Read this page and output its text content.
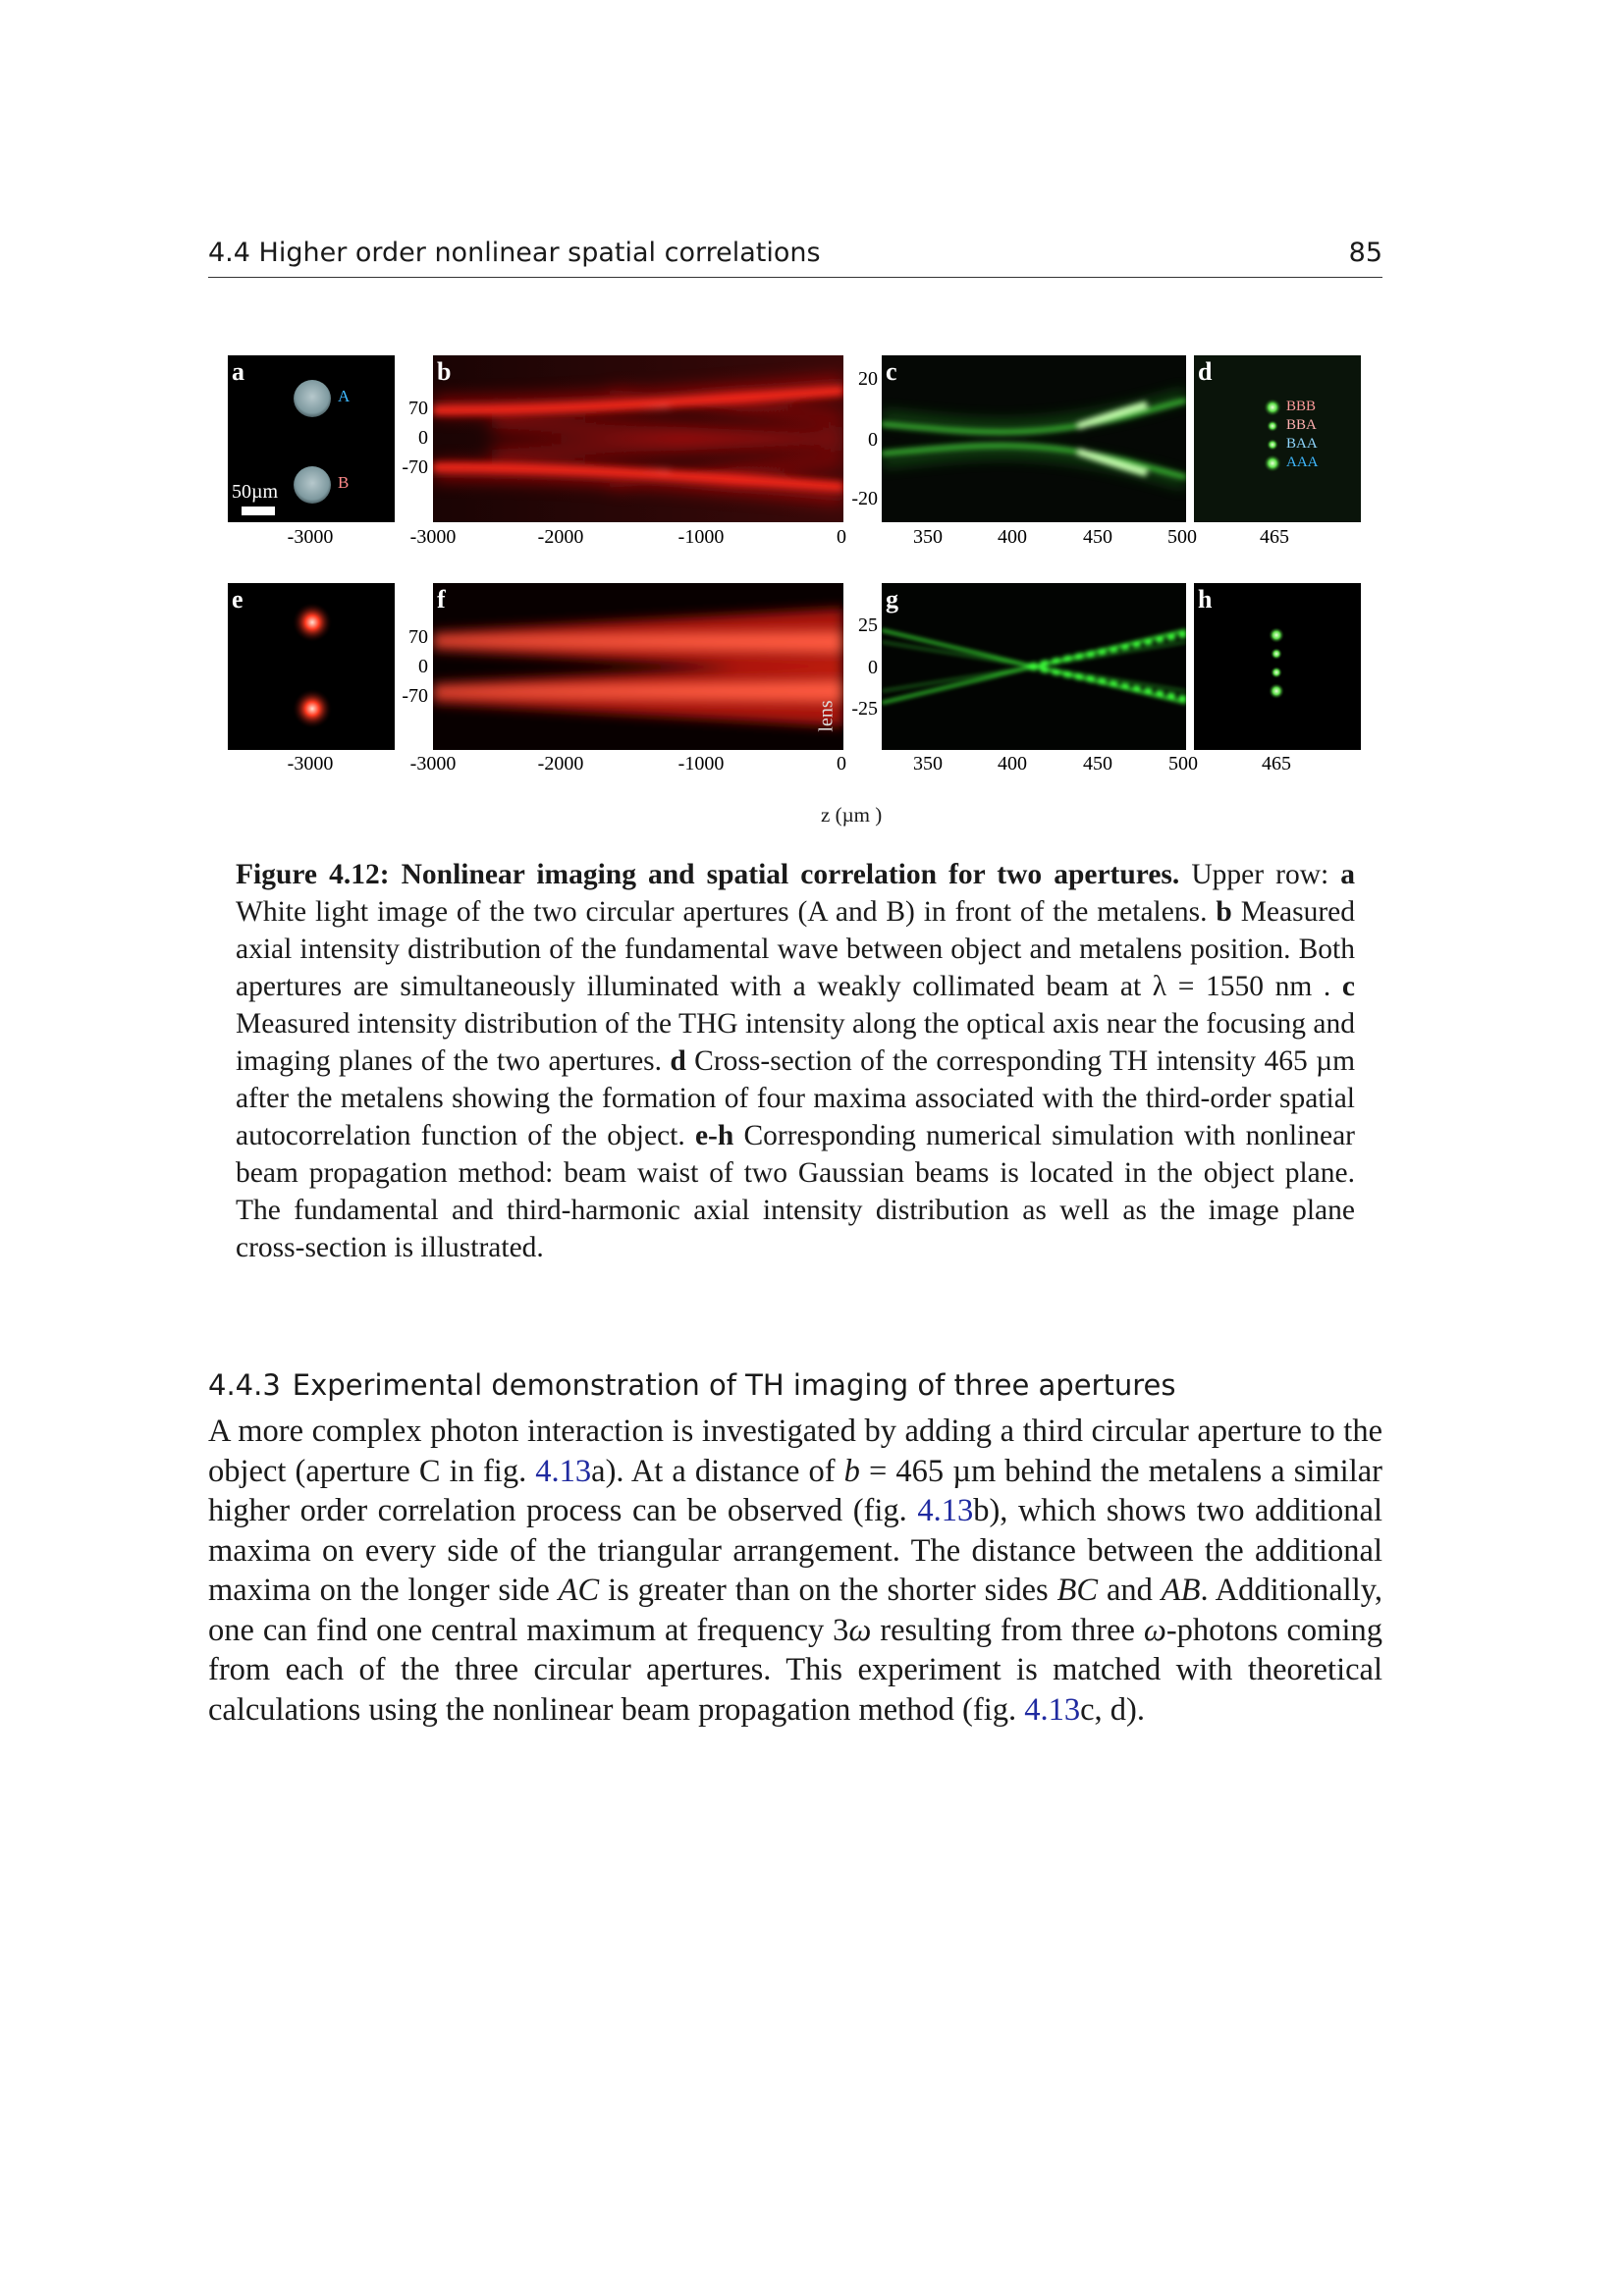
4.4 Higher order nonlinear spatial correlations	85
a
A
B
50µm
b	c	d
BBB
BBA
BAA
AAA
70
0
-70
20
0
-20
-3000	-3000	-2000	-1000	0	350	400	450	500	465
e	f
lens
g	h
70
0
-70
25
0
-25
-3000	-3000	-2000	-1000	0	350	400	450	500	465
z (µm )
Figure 4.12: Nonlinear imaging and spatial correlation for two apertures. Upper row: a White light image of the two circular apertures (A and B) in front of the metalens. b Measured axial intensity distribution of the fundamental wave between object and metalens position. Both apertures are simultaneously illuminated with a weakly collimated beam at λ = 1550 nm . c Measured intensity distribution of the THG intensity along the optical axis near the focusing and imaging planes of the two apertures. d Cross-section of the corresponding TH intensity 465 µm after the metalens showing the formation of four maxima associated with the third-order spatial autocorrelation function of the object. e-h Corresponding numerical simulation with nonlinear beam propagation method: beam waist of two Gaussian beams is located in the object plane. The fundamental and third-harmonic axial intensity distribution as well as the image plane cross-section is illustrated.
4.4.3 Experimental demonstration of TH imaging of three apertures
A more complex photon interaction is investigated by adding a third circular aperture to the object (aperture C in fig. 4.13a). At a distance of b = 465 µm behind the metalens a similar higher order correlation process can be observed (fig. 4.13b), which shows two additional maxima on every side of the triangular arrangement. The distance between the additional maxima on the longer side AC is greater than on the shorter sides BC and AB. Additionally, one can find one central maximum at frequency 3ω resulting from three ω-photons coming from each of the three circular apertures. This experiment is matched with theoretical calculations using the nonlinear beam propagation method (fig. 4.13c, d).
